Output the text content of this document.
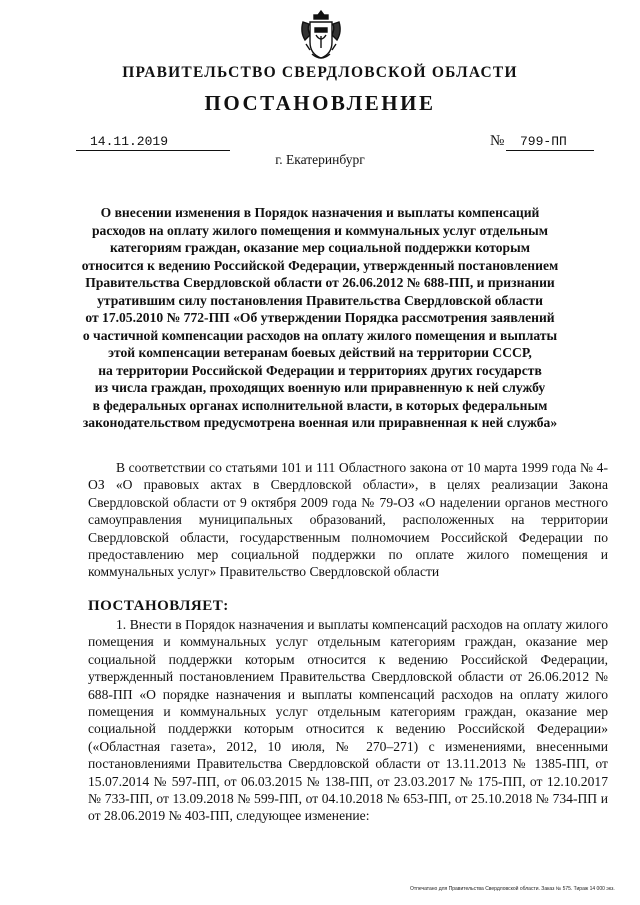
ПРАВИТЕЛЬСТВО СВЕРДЛОВСКОЙ ОБЛАСТИ
ПОСТАНОВЛЕНИЕ
14.11.2019	№	799-ПП
г. Екатеринбург
О внесении изменения в Порядок назначения и выплаты компенсаций
расходов на оплату жилого помещения и коммунальных услуг отдельным
категориям граждан, оказание мер социальной поддержки которым
относится к ведению Российской Федерации, утвержденный постановлением
Правительства Свердловской области от 26.06.2012 № 688-ПП, и признании
утратившим силу постановления Правительства Свердловской области
от 17.05.2010 № 772-ПП «Об утверждении Порядка рассмотрения заявлений
о частичной компенсации расходов на оплату жилого помещения и выплаты
этой компенсации ветеранам боевых действий на территории СССР,
на территории Российской Федерации и территориях других государств
из числа граждан, проходящих военную или приравненную к ней службу
в федеральных органах исполнительной власти, в которых федеральным
законодательством предусмотрена военная или приравненная к ней служба»
В соответствии со статьями 101 и 111 Областного закона от 10 марта 1999 года № 4-ОЗ «О правовых актах в Свердловской области», в целях реализации Закона Свердловской области от 9 октября 2009 года № 79-ОЗ «О наделении органов местного самоуправления муниципальных образований, расположенных на территории Свердловской области, государственным полномочием Российской Федерации по предоставлению мер социальной поддержки по оплате жилого помещения и коммунальных услуг» Правительство Свердловской области
ПОСТАНОВЛЯЕТ:
1. Внести в Порядок назначения и выплаты компенсаций расходов на оплату жилого помещения и коммунальных услуг отдельным категориям граждан, оказание мер социальной поддержки которым относится к ведению Российской Федерации, утвержденный постановлением Правительства Свердловской области от 26.06.2012 № 688-ПП «О порядке назначения и выплаты компенсаций расходов на оплату жилого помещения и коммунальных услуг отдельным категориям граждан, оказание мер социальной поддержки которым относится к ведению Российской Федерации» («Областная газета», 2012, 10 июля, № 270–271) с изменениями, внесенными постановлениями Правительства Свердловской области от 13.11.2013 № 1385-ПП, от 15.07.2014 № 597-ПП, от 06.03.2015 № 138-ПП, от 23.03.2017 № 175-ПП, от 12.10.2017 № 733-ПП, от 13.09.2018 № 599-ПП, от 04.10.2018 № 653-ПП, от 25.10.2018 № 734-ПП и от 28.06.2019 № 403-ПП, следующее изменение:
Отпечатано для Правительства Свердловской области. Заказ № 575. Тираж 14 000 экз.
